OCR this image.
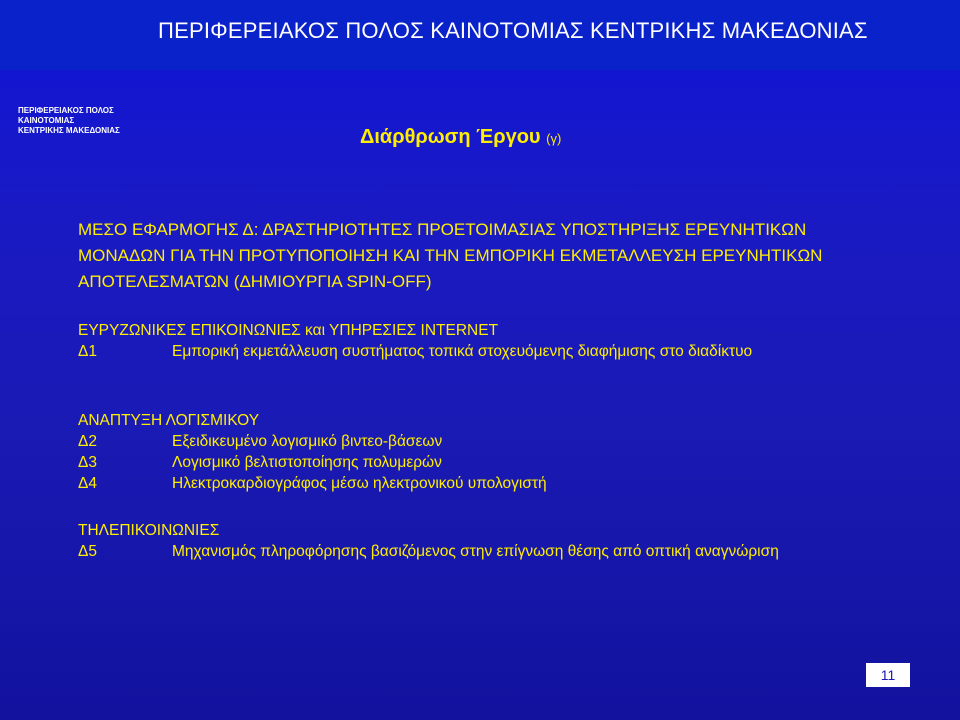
ΠΕΡΙΦΕΡΕΙΑΚΟΣ ΠΟΛΟΣ ΚΑΙΝΟΤΟΜΙΑΣ ΚΕΝΤΡΙΚΗΣ ΜΑΚΕΔΟΝΙΑΣ
ΠΕΡΙΦΕΡΕΙΑΚΟΣ ΠΟΛΟΣ
ΚΑΙΝΟΤΟΜΙΑΣ
ΚΕΝΤΡΙΚΗΣ ΜΑΚΕΔΟΝΙΑΣ	Διάρθρωση Έργου (γ)
ΜΕΣΟ ΕΦΑΡΜΟΓΗΣ Δ: ΔΡΑΣΤΗΡΙΟΤΗΤΕΣ ΠΡΟΕΤΟΙΜΑΣΙΑΣ ΥΠΟΣΤΗΡΙΞΗΣ ΕΡΕΥΝΗΤΙΚΩΝ ΜΟΝΑΔΩΝ ΓΙΑ ΤΗΝ ΠΡΟΤΥΠΟΠΟΙΗΣΗ ΚΑΙ ΤΗΝ ΕΜΠΟΡΙΚΗ ΕΚΜΕΤΑΛΛΕΥΣΗ ΕΡΕΥΝΗΤΙΚΩΝ ΑΠΟΤΕΛΕΣΜΑΤΩΝ (ΔΗΜΙΟΥΡΓΙΑ SPIN-OFF)
ΕΥΡΥΖΩΝΙΚΕΣ ΕΠΙΚΟΙΝΩΝΙΕΣ και ΥΠΗΡΕΣΙΕΣ INTERNET
Δ1	Εμπορική εκμετάλλευση συστήματος τοπικά στοχευόμενης διαφήμισης στο διαδίκτυο
ΑΝΑΠΤΥΞΗ ΛΟΓΙΣΜΙΚΟΥ
Δ2	Εξειδικευμένο λογισμικό βιντεο-βάσεων
Δ3	Λογισμικό βελτιστοποίησης πολυμερών
Δ4	Ηλεκτροκαρδιογράφος μέσω ηλεκτρονικού υπολογιστή
ΤΗΛΕΠΙΚΟΙΝΩΝΙΕΣ
Δ5	Μηχανισμός πληροφόρησης βασιζόμενος στην επίγνωση θέσης από οπτική αναγνώριση
11
